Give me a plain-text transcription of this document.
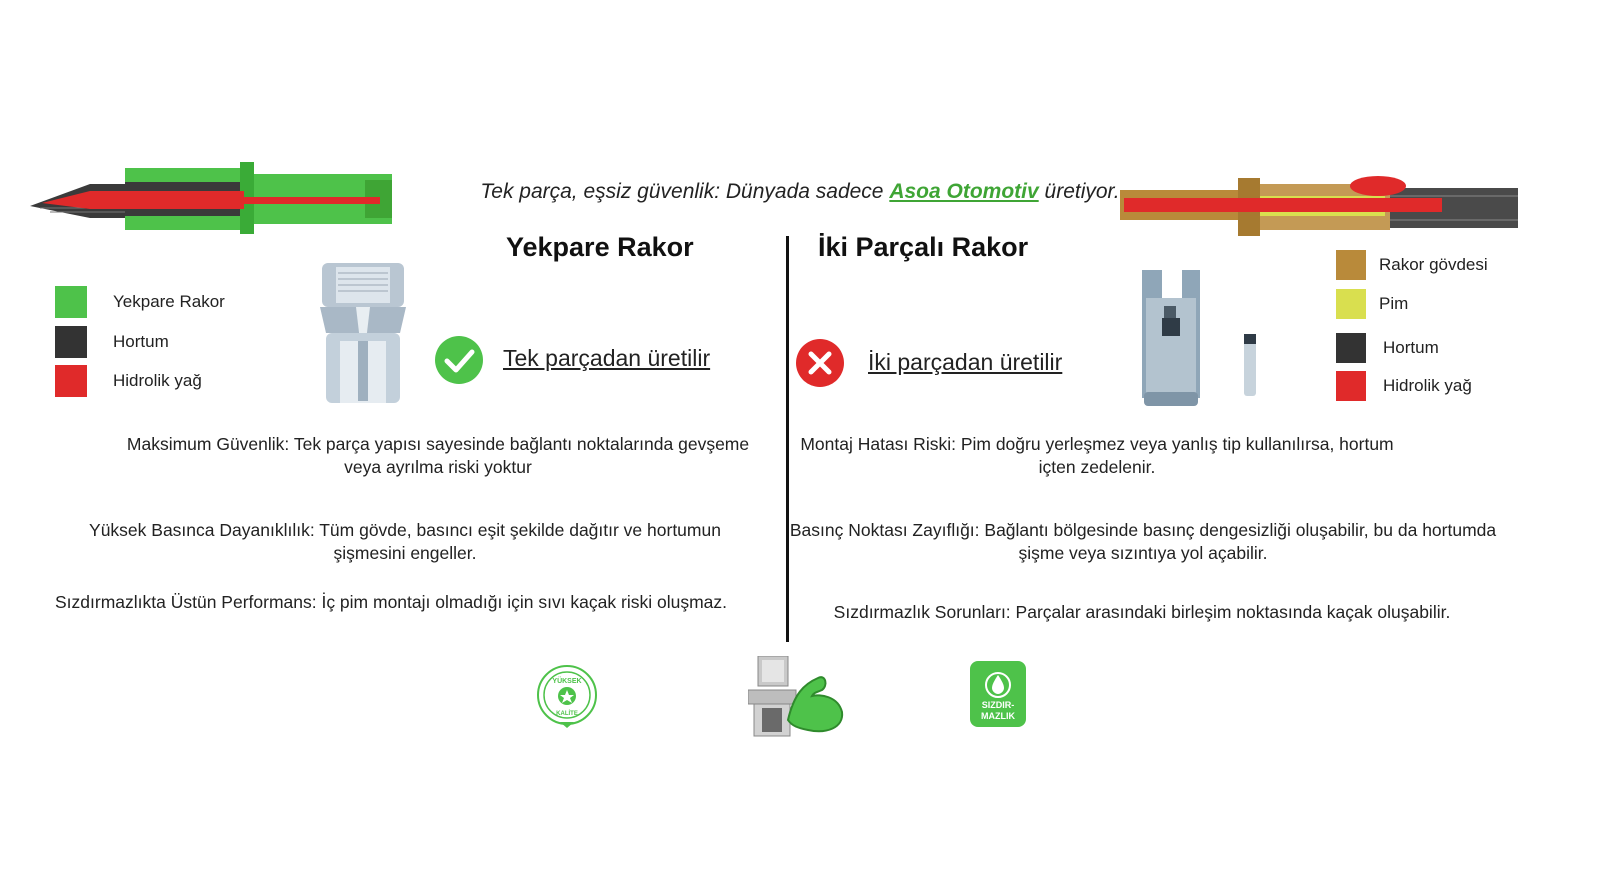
Tek parça, eşsiz güvenlik: Dünyada sadece Asoa Otomotiv üretiyor.
Yekpare Rakor	İki Parçalı Rakor
Yekpare Rakor
Hortum
Hidrolik yağ
Tek parçadan üretilir	İki parçadan üretilir
Rakor gövdesi
Pim
Hortum
Hidrolik yağ
Maksimum Güvenlik: Tek parça yapısı sayesinde bağlantı noktalarında gevşeme veya ayrılma riski yoktur
Yüksek Basınca Dayanıklılık: Tüm gövde, basıncı eşit şekilde dağıtır ve hortumun şişmesini engeller.
Sızdırmazlıkta Üstün Performans: İç pim montajı olmadığı için sıvı kaçak riski oluşmaz.
Montaj Hatası Riski: Pim doğru yerleşmez veya yanlış tip kullanılırsa, hortum içten zedelenir.
Basınç Noktası Zayıflığı: Bağlantı bölgesinde basınç dengesizliği oluşabilir, bu da hortumda şişme veya sızıntıya yol açabilir.
Sızdırmazlık Sorunları: Parçalar arasındaki birleşim noktasında kaçak oluşabilir.
YÜKSEK
KALİTE
SIZDIR-
MAZLIK
